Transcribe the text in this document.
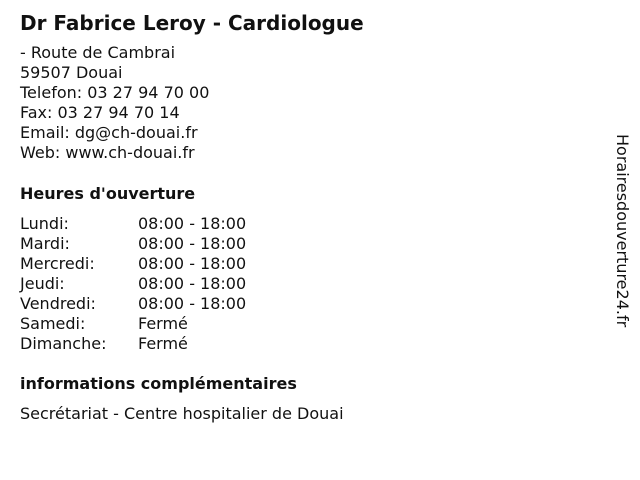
Dr Fabrice Leroy - Cardiologue
- Route de Cambrai
59507 Douai
Telefon: 03 27 94 70 00
Fax: 03 27 94 70 14
Email: dg@ch-douai.fr
Web: www.ch-douai.fr
Heures d'ouverture
Lundi:	08:00 - 18:00
Mardi:	08:00 - 18:00
Mercredi:	08:00 - 18:00
Jeudi:	08:00 - 18:00
Vendredi:	08:00 - 18:00
Samedi:	Fermé
Dimanche:	Fermé
informations complémentaires
Secrétariat - Centre hospitalier de Douai
Horairesdouverture24.fr
